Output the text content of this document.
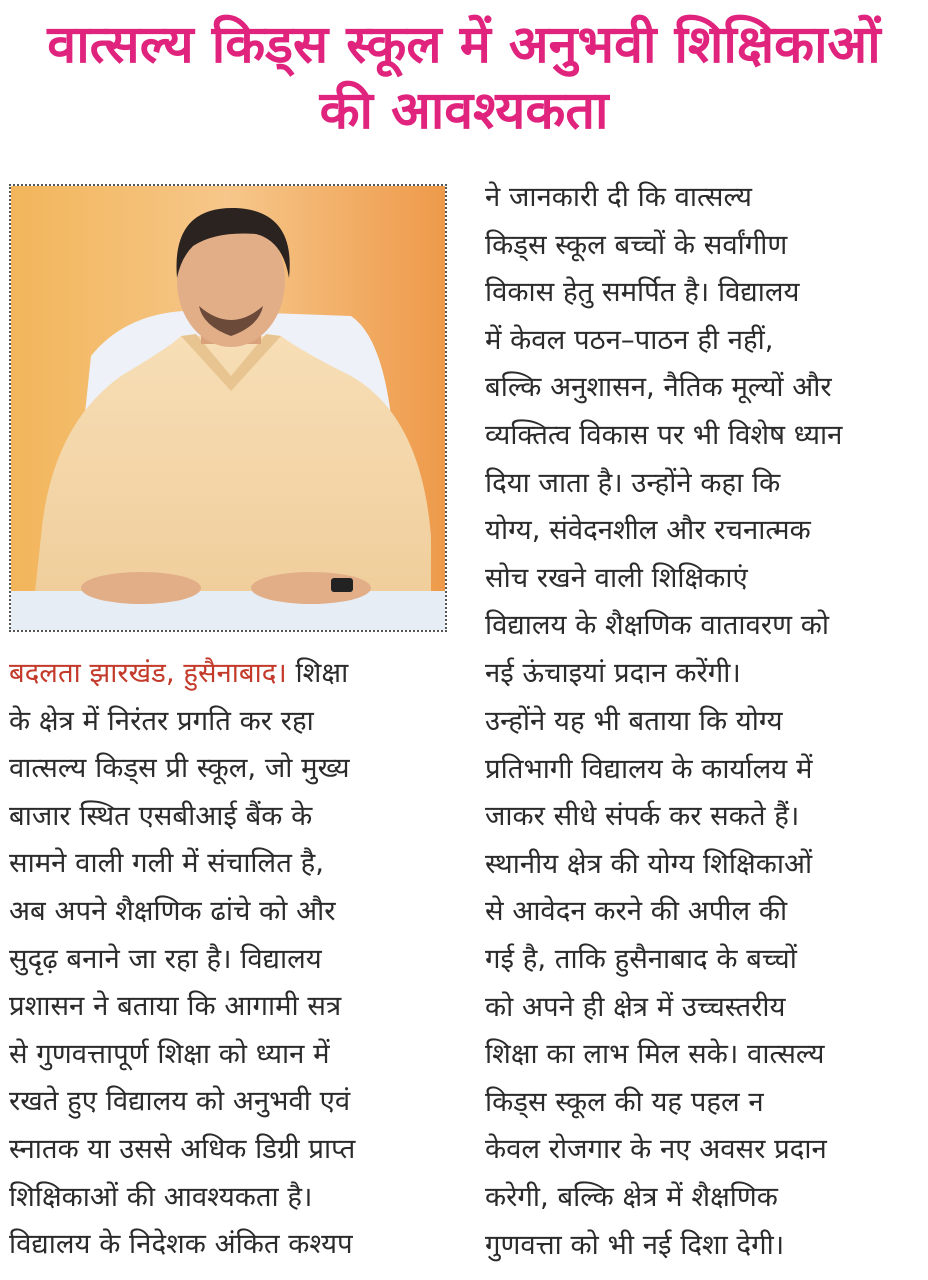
वात्सल्य किड्स स्कूल में अनुभवी शिक्षिकाओं
की आवश्यकता

बदलता झारखंड, हुसैनाबाद। शिक्षा
के क्षेत्र में निरंतर प्रगति कर रहा
वात्सल्य किड्स प्री स्कूल, जो मुख्य
बाजार स्थित एसबीआई बैंक के
सामने वाली गली में संचालित है,
अब अपने शैक्षणिक ढांचे को और
सुदृढ़ बनाने जा रहा है। विद्यालय
प्रशासन ने बताया कि आगामी सत्र
से गुणवत्तापूर्ण शिक्षा को ध्यान में
रखते हुए विद्यालय को अनुभवी एवं
स्नातक या उससे अधिक डिग्री प्राप्त
शिक्षिकाओं की आवश्यकता है।
विद्यालय के निदेशक अंकित कश्यप

ने जानकारी दी कि वात्सल्य
किड्स स्कूल बच्चों के सर्वांगीण
विकास हेतु समर्पित है। विद्यालय
में केवल पठन–पाठन ही नहीं,
बल्कि अनुशासन, नैतिक मूल्यों और
व्यक्तित्व विकास पर भी विशेष ध्यान
दिया जाता है। उन्होंने कहा कि
योग्य, संवेदनशील और रचनात्मक
सोच रखने वाली शिक्षिकाएं
विद्यालय के शैक्षणिक वातावरण को
नई ऊंचाइयां प्रदान करेंगी।

उन्होंने यह भी बताया कि योग्य
प्रतिभागी विद्यालय के कार्यालय में
जाकर सीधे संपर्क कर सकते हैं।
स्थानीय क्षेत्र की योग्य शिक्षिकाओं
से आवेदन करने की अपील की
गई है, ताकि हुसैनाबाद के बच्चों
को अपने ही क्षेत्र में उच्चस्तरीय
शिक्षा का लाभ मिल सके। वात्सल्य
किड्स स्कूल की यह पहल न
केवल रोजगार के नए अवसर प्रदान
करेगी, बल्कि क्षेत्र में शैक्षणिक
गुणवत्ता को भी नई दिशा देगी।
